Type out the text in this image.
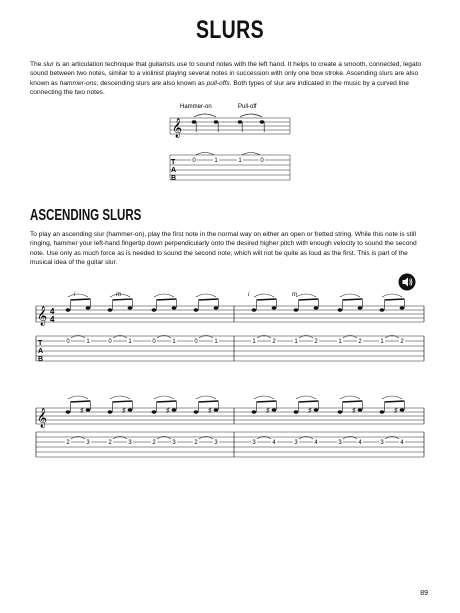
SLURS
The slur is an articulation technique that guitarists use to sound notes with the left hand. It helps to create a smooth, connected, legato sound between two notes, similar to a violinist playing several notes in succession with only one bow stroke. Ascending slurs are also known as hammer-ons; descending slurs are also known as pull-offs. Both types of slur are indicated in the music by a curved line connecting the two notes.
Hammer-on	Pull-off
𝄞
T
A
B
0	1	1	0
ASCENDING SLURS
To play an ascending slur (hammer-on), play the first note in the normal way on either an open or fretted string. While this note is still ringing, hammer your left-hand fingertip down perpendicularly onto the desired higher pitch with enough velocity to sound the second note. Use only as much force as is needed to sound the second note, which will not be quite as loud as the first. This is part of the musical idea of the guitar slur.
𝄞 4
4
T
A
B
i	m	i	m
0	1	0	1	0	1	0	1	1	2	1	2	1	2	1	2
𝄞
2
♯
3	2
♯
3	2
♯
3	2
♯
3	3
♯
4	3
♯
4	3
♯
4	3
♯
4
89
